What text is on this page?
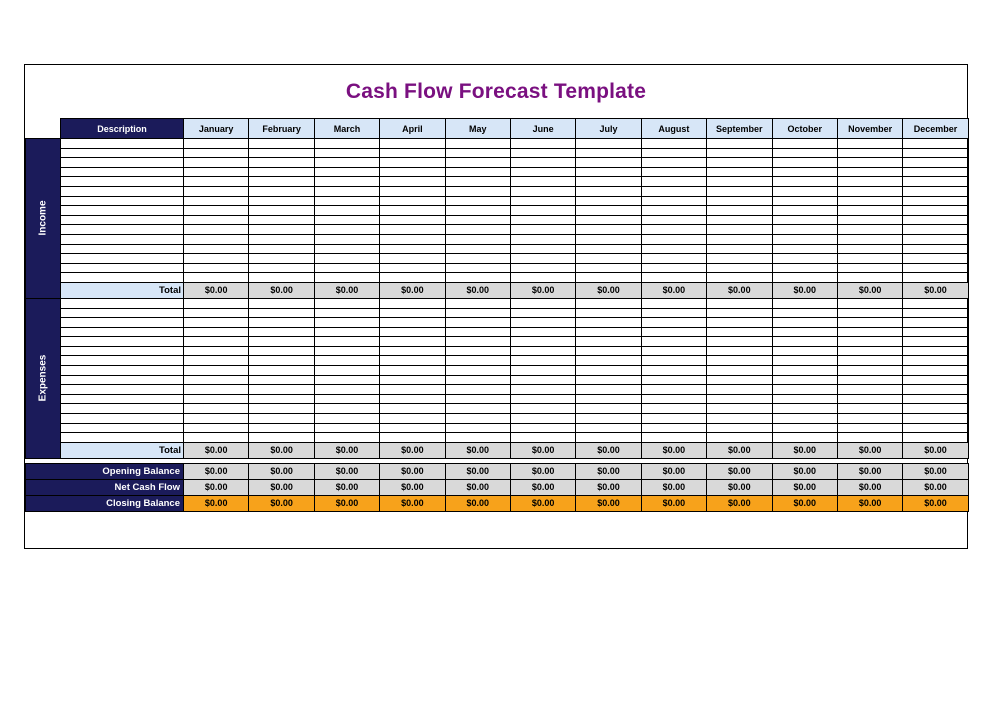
Cash Flow Forecast Template
	Description	January	February	March	April	May	June	July	August	September	October	November	December

Income													

	Total	$0.00	$0.00	$0.00	$0.00	$0.00	$0.00	$0.00	$0.00	$0.00	$0.00	$0.00	$0.00

Expenses													

	Total	$0.00	$0.00	$0.00	$0.00	$0.00	$0.00	$0.00	$0.00	$0.00	$0.00	$0.00	$0.00

Opening Balance		$0.00	$0.00	$0.00	$0.00	$0.00	$0.00	$0.00	$0.00	$0.00	$0.00	$0.00	$0.00
Net Cash Flow		$0.00	$0.00	$0.00	$0.00	$0.00	$0.00	$0.00	$0.00	$0.00	$0.00	$0.00	$0.00
Closing Balance		$0.00	$0.00	$0.00	$0.00	$0.00	$0.00	$0.00	$0.00	$0.00	$0.00	$0.00	$0.00
